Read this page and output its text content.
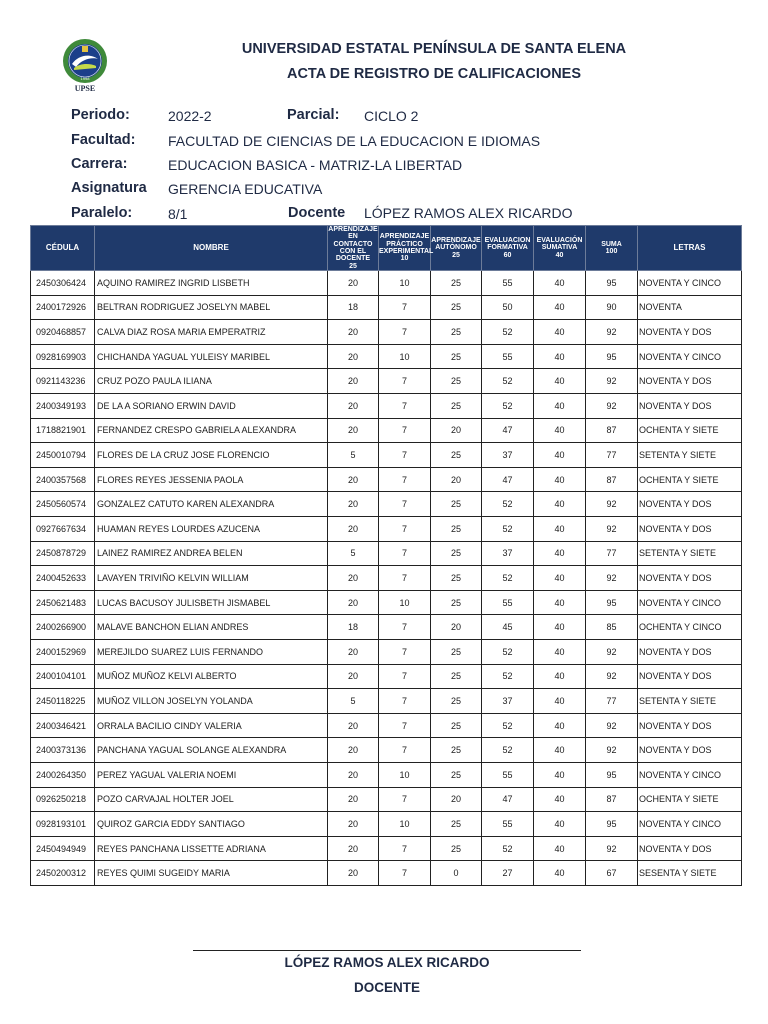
1998
UPSE
UNIVERSIDAD ESTATAL PENÍNSULA DE SANTA ELENA
ACTA DE REGISTRO DE CALIFICACIONES
Periodo:	2022-2	Parcial: CICLO 2
Facultad: FACULTAD DE CIENCIAS DE LA EDUCACION E IDIOMAS
Carrera:	EDUCACION BASICA - MATRIZ-LA LIBERTAD
Asignatura GERENCIA EDUCATIVA
Paralelo:	8/1	Docente LÓPEZ RAMOS ALEX RICARDO
CÉDULA	NOMBRE	APRENDIZAJE
EN CONTACTO
CON EL
DOCENTE
25	APRENDIZAJE
PRÁCTICO
EXPERIMENTAL
10	APRENDIZAJE
AUTÓNOMO
25	EVALUACION
FORMATIVA
60	EVALUACIÓN
SUMATIVA
40	SUMA
100	LETRAS
2450306424	AQUINO RAMIREZ INGRID LISBETH	20	10	25	55	40	95	NOVENTA Y CINCO
2400172926	BELTRAN RODRIGUEZ JOSELYN MABEL	18	7	25	50	40	90	NOVENTA
0920468857	CALVA DIAZ ROSA MARIA EMPERATRIZ	20	7	25	52	40	92	NOVENTA Y DOS
0928169903	CHICHANDA YAGUAL YULEISY MARIBEL	20	10	25	55	40	95	NOVENTA Y CINCO
0921143236	CRUZ POZO PAULA ILIANA	20	7	25	52	40	92	NOVENTA Y DOS
2400349193	DE LA A SORIANO ERWIN DAVID	20	7	25	52	40	92	NOVENTA Y DOS
1718821901	FERNANDEZ CRESPO GABRIELA ALEXANDRA	20	7	20	47	40	87	OCHENTA Y SIETE
2450010794	FLORES DE LA CRUZ JOSE FLORENCIO	5	7	25	37	40	77	SETENTA Y SIETE
2400357568	FLORES REYES JESSENIA PAOLA	20	7	20	47	40	87	OCHENTA Y SIETE
2450560574	GONZALEZ CATUTO KAREN ALEXANDRA	20	7	25	52	40	92	NOVENTA Y DOS
0927667634	HUAMAN REYES LOURDES AZUCENA	20	7	25	52	40	92	NOVENTA Y DOS
2450878729	LAINEZ RAMIREZ ANDREA BELEN	5	7	25	37	40	77	SETENTA Y SIETE
2400452633	LAVAYEN TRIVIÑO KELVIN WILLIAM	20	7	25	52	40	92	NOVENTA Y DOS
2450621483	LUCAS BACUSOY JULISBETH JISMABEL	20	10	25	55	40	95	NOVENTA Y CINCO
2400266900	MALAVE BANCHON ELIAN ANDRES	18	7	20	45	40	85	OCHENTA Y CINCO
2400152969	MEREJILDO SUAREZ LUIS FERNANDO	20	7	25	52	40	92	NOVENTA Y DOS
2400104101	MUÑOZ MUÑOZ KELVI ALBERTO	20	7	25	52	40	92	NOVENTA Y DOS
2450118225	MUÑOZ VILLON JOSELYN YOLANDA	5	7	25	37	40	77	SETENTA Y SIETE
2400346421	ORRALA BACILIO CINDY VALERIA	20	7	25	52	40	92	NOVENTA Y DOS
2400373136	PANCHANA YAGUAL SOLANGE ALEXANDRA	20	7	25	52	40	92	NOVENTA Y DOS
2400264350	PEREZ YAGUAL VALERIA NOEMI	20	10	25	55	40	95	NOVENTA Y CINCO
0926250218	POZO CARVAJAL HOLTER JOEL	20	7	20	47	40	87	OCHENTA Y SIETE
0928193101	QUIROZ GARCIA EDDY SANTIAGO	20	10	25	55	40	95	NOVENTA Y CINCO
2450494949	REYES PANCHANA LISSETTE ADRIANA	20	7	25	52	40	92	NOVENTA Y DOS
2450200312	REYES QUIMI SUGEIDY MARIA	20	7	0	27	40	67	SESENTA Y SIETE
LÓPEZ RAMOS ALEX RICARDO
DOCENTE
